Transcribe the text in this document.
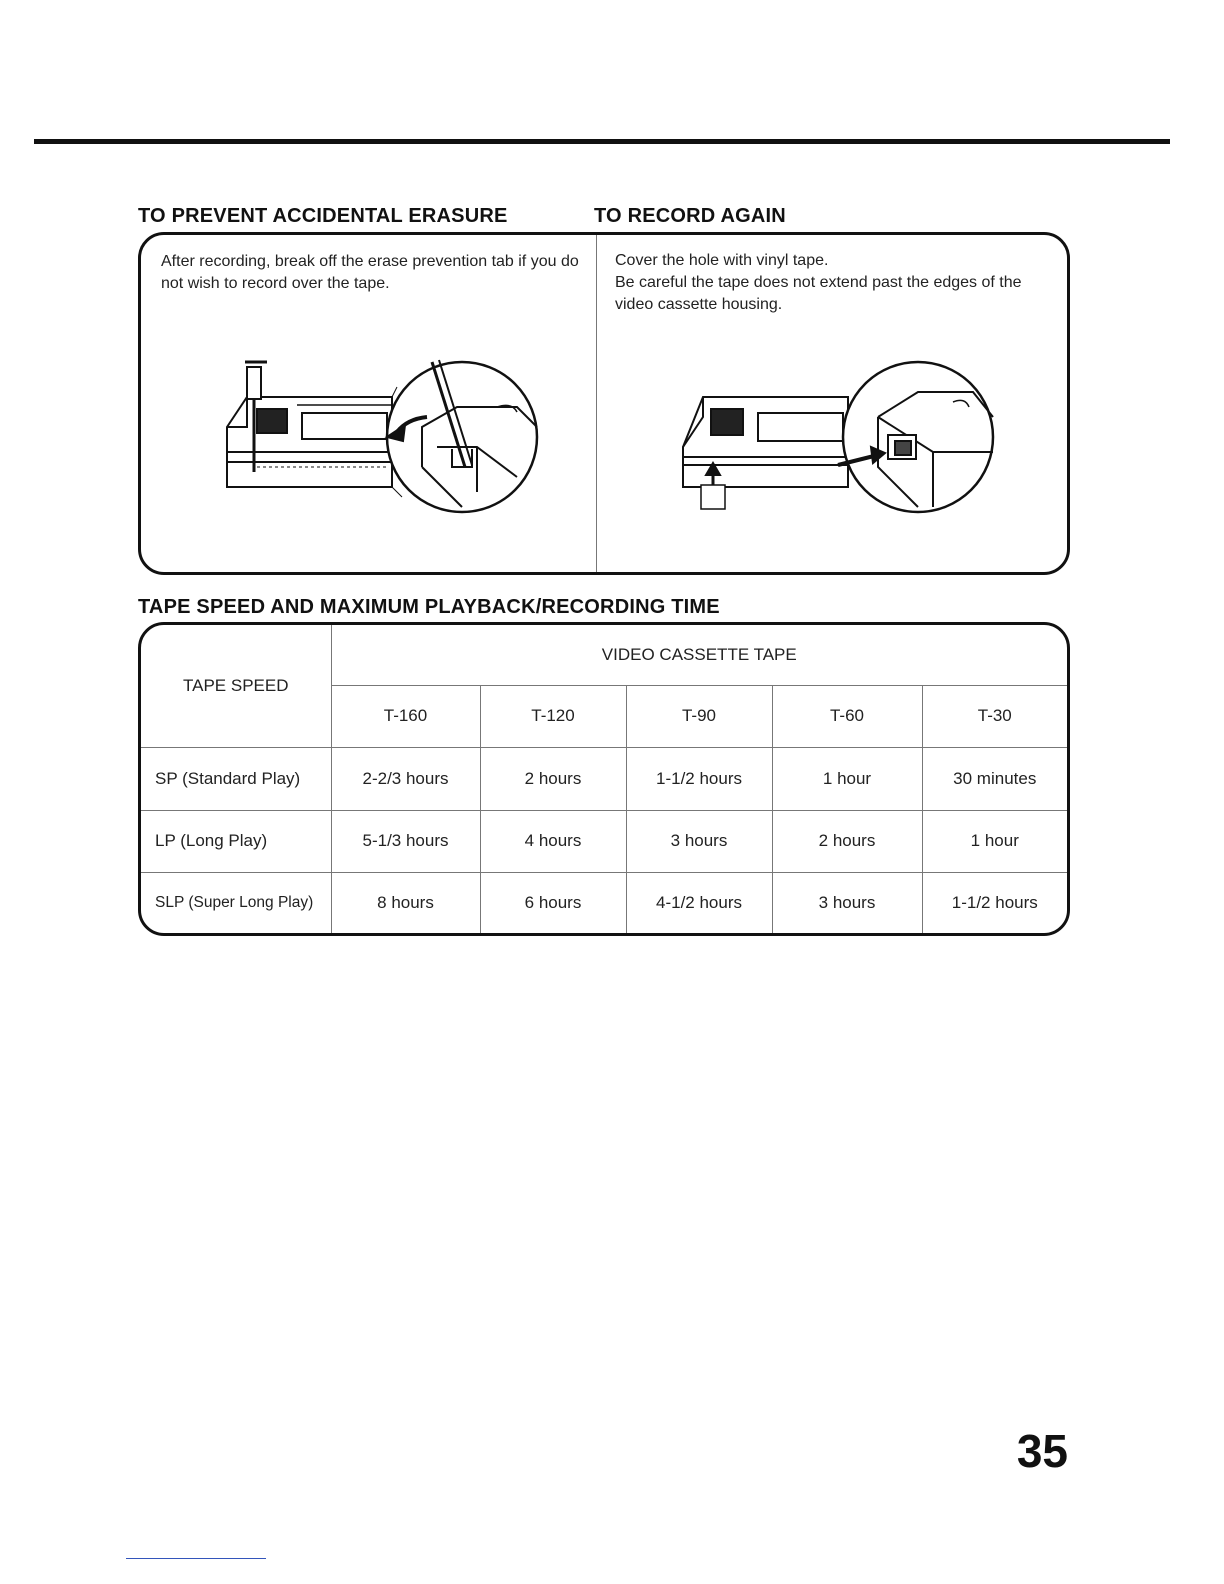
TO PREVENT ACCIDENTAL ERASURE	TO RECORD AGAIN

After recording, break off the erase prevention tab if you do not wish to record over the tape.

Cover the hole with vinyl tape.

Be careful the tape does not extend past the edges of the video cassette housing.

TAPE SPEED AND MAXIMUM PLAYBACK/RECORDING TIME
TAPE SPEED	VIDEO CASSETTE TAPE				
	T-160	T-120	T-90	T-60	T-30
SP (Standard Play)	2-2/3 hours	2 hours	1-1/2 hours	1 hour	30 minutes
LP (Long Play)	5-1/3 hours	4 hours	3 hours	2 hours	1 hour
SLP (Super Long Play)	8 hours	6 hours	4-1/2 hours	3 hours	1-1/2 hours
35
